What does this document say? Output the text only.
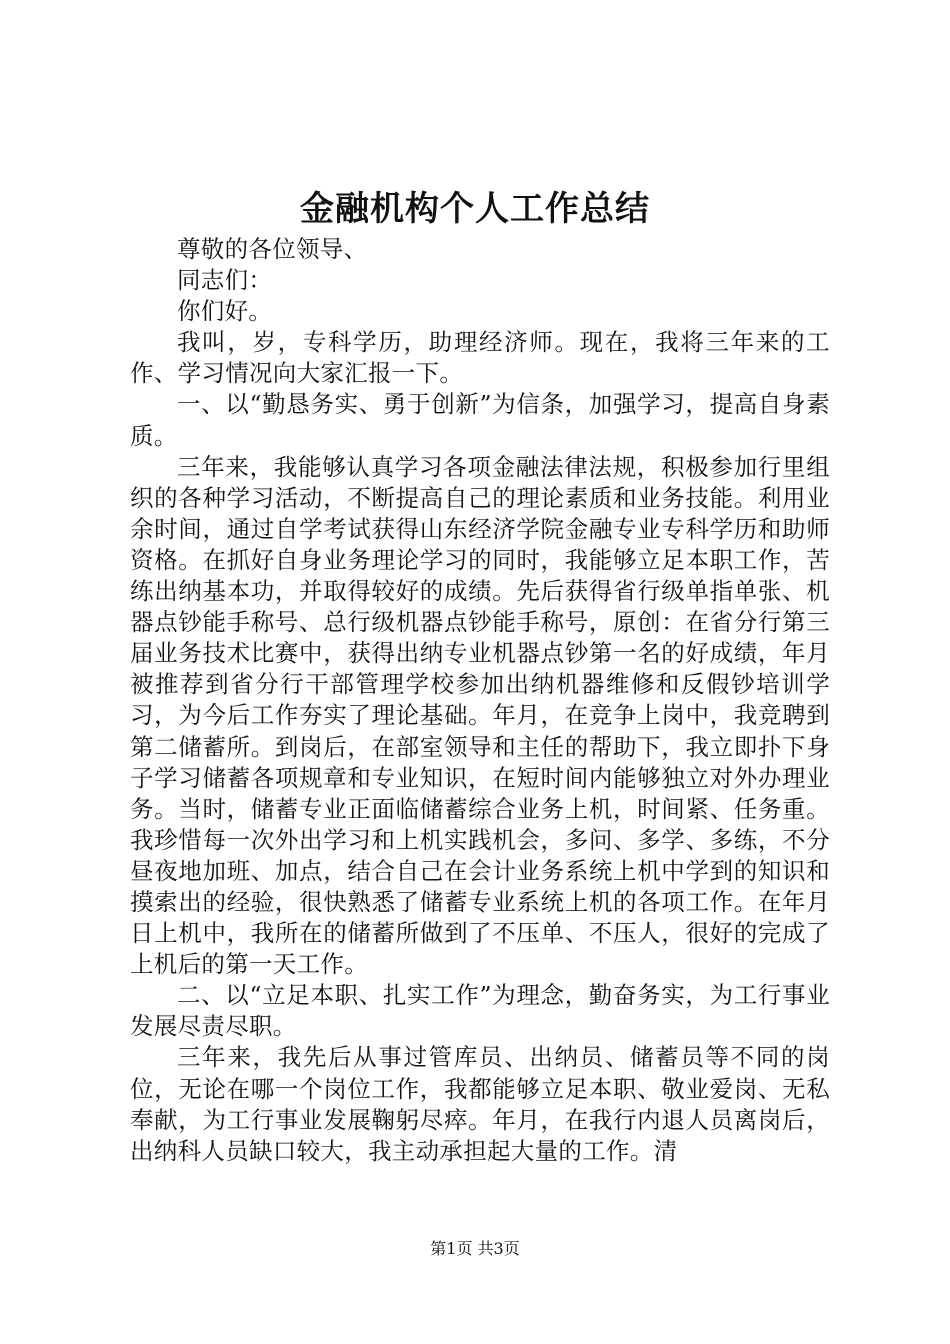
金融机构个人工作总结

尊敬的各位领导、

同志们：

你们好。

我叫，岁，专科学历，助理经济师。现在，我将三年来的工作、学习情况向大家汇报一下。

一、以“勤恳务实、勇于创新”为信条，加强学习，提高自身素质。

三年来，我能够认真学习各项金融法律法规，积极参加行里组织的各种学习活动，不断提高自己的理论素质和业务技能。利用业余时间，通过自学考试获得山东经济学院金融专业专科学历和助师资格。在抓好自身业务理论学习的同时，我能够立足本职工作，苦练出纳基本功，并取得较好的成绩。先后获得省行级单指单张、机器点钞能手称号、总行级机器点钞能手称号，原创：在省分行第三届业务技术比赛中，获得出纳专业机器点钞第一名的好成绩，年月被推荐到省分行干部管理学校参加出纳机器维修和反假钞培训学习，为今后工作夯实了理论基础。年月，在竞争上岗中，我竞聘到第二储蓄所。到岗后，在部室领导和主任的帮助下，我立即扑下身子学习储蓄各项规章和专业知识，在短时间内能够独立对外办理业务。当时，储蓄专业正面临储蓄综合业务上机，时间紧、任务重。我珍惜每一次外出学习和上机实践机会，多问、多学、多练，不分昼夜地加班、加点，结合自己在会计业务系统上机中学到的知识和摸索出的经验，很快熟悉了储蓄专业系统上机的各项工作。在年月日上机中，我所在的储蓄所做到了不压单、不压人，很好的完成了上机后的第一天工作。

二、以“立足本职、扎实工作”为理念，勤奋务实，为工行事业发展尽责尽职。

三年来，我先后从事过管库员、出纳员、储蓄员等不同的岗位，无论在哪一个岗位工作，我都能够立足本职、敬业爱岗、无私奉献，为工行事业发展鞠躬尽瘁。年月，在我行内退人员离岗后，出纳科人员缺口较大，我主动承担起大量的工作。清

第1页 共3页
